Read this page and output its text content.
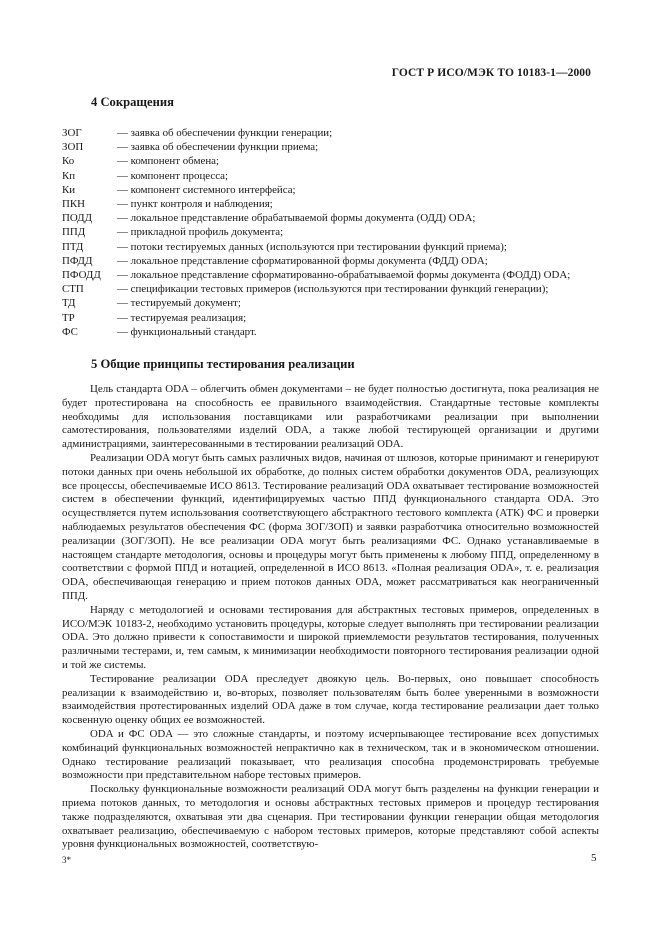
ГОСТ Р ИСО/МЭК ТО 10183-1—2000
4 Сокращения
ЗОГ	— заявка об обеспечении функции генерации;
ЗОП	— заявка об обеспечении функции приема;
Ко	— компонент обмена;
Кп	— компонент процесса;
Ки	— компонент системного интерфейса;
ПКН	— пункт контроля и наблюдения;
ПОДД	— локальное представление обрабатываемой формы документа (ОДД) ODA;
ППД	— прикладной профиль документа;
ПТД	— потоки тестируемых данных (используются при тестировании функций приема);
ПФДД	— локальное представление сформатированной формы документа (ФДД) ODA;
ПФОДД	— локальное представление сформатированно-обрабатываемой формы документа (ФОДД) ODA;
СТП	— спецификации тестовых примеров (используются при тестировании функций генерации);
ТД	— тестируемый документ;
ТР	— тестируемая реализация;
ФС	— функциональный стандарт.
5 Общие принципы тестирования реализации

Цель стандарта ODA – облегчить обмен документами – не будет полностью достигнута, пока реализация не будет протестирована на способность ее правильного взаимодействия. Стандартные тестовые комплекты необходимы для использования поставщиками или разработчиками реализации при выполнении самотестирования, пользователями изделий ODA, а также любой тестирующей организации и другими администрациями, заинтересованными в тестировании реализаций ODA.

Реализации ODA могут быть самых различных видов, начиная от шлюзов, которые принимают и генерируют потоки данных при очень небольшой их обработке, до полных систем обработки документов ODA, реализующих все процессы, обеспечиваемые ИСО 8613. Тестирование реализаций ODA охватывает тестирование возможностей систем в обеспечении функций, идентифицируемых частью ППД функционального стандарта ODA. Это осуществляется путем использования соответствующего абстрактного тестового комплекта (АТК) ФС и проверки наблюдаемых результатов обеспечения ФС (форма ЗОГ/ЗОП) и заявки разработчика относительно возможностей реализации (ЗОГ/ЗОП). Не все реализации ODA могут быть реализациями ФС. Однако устанавливаемые в настоящем стандарте методология, основы и процедуры могут быть применены к любому ППД, определенному в соответствии с формой ППД и нотацией, определенной в ИСО 8613. «Полная реализация ODA», т. е. реализация ODA, обеспечивающая генерацию и прием потоков данных ODA, может рассматриваться как неограниченный ППД.

Наряду с методологией и основами тестирования для абстрактных тестовых примеров, определенных в ИСО/МЭК 10183-2, необходимо установить процедуры, которые следует выполнять при тестировании реализации ODA. Это должно привести к сопоставимости и широкой приемлемости результатов тестирования, полученных различными тестерами, и, тем самым, к минимизации необходимости повторного тестирования реализации одной и той же системы.

Тестирование реализации ODA преследует двоякую цель. Во-первых, оно повышает способность реализации к взаимодействию и, во-вторых, позволяет пользователям быть более уверенными в возможности взаимодействия протестированных изделий ODA даже в том случае, когда тестирование реализации дает только косвенную оценку общих ее возможностей.

ODA и ФС ODA — это сложные стандарты, и поэтому исчерпывающее тестирование всех допустимых комбинаций функциональных возможностей непрактично как в техническом, так и в экономическом отношении. Однако тестирование реализаций показывает, что реализация способна продемонстрировать требуемые возможности при представительном наборе тестовых примеров.

Поскольку функциональные возможности реализаций ODA могут быть разделены на функции генерации и приема потоков данных, то методология и основы абстрактных тестовых примеров и процедур тестирования также подразделяются, охватывая эти два сценария. При тестировании функции генерации общая методология охватывает реализацию, обеспечиваемую с набором тестовых примеров, которые представляют собой аспекты уровня функциональных возможностей, соответствую-

3*	5
